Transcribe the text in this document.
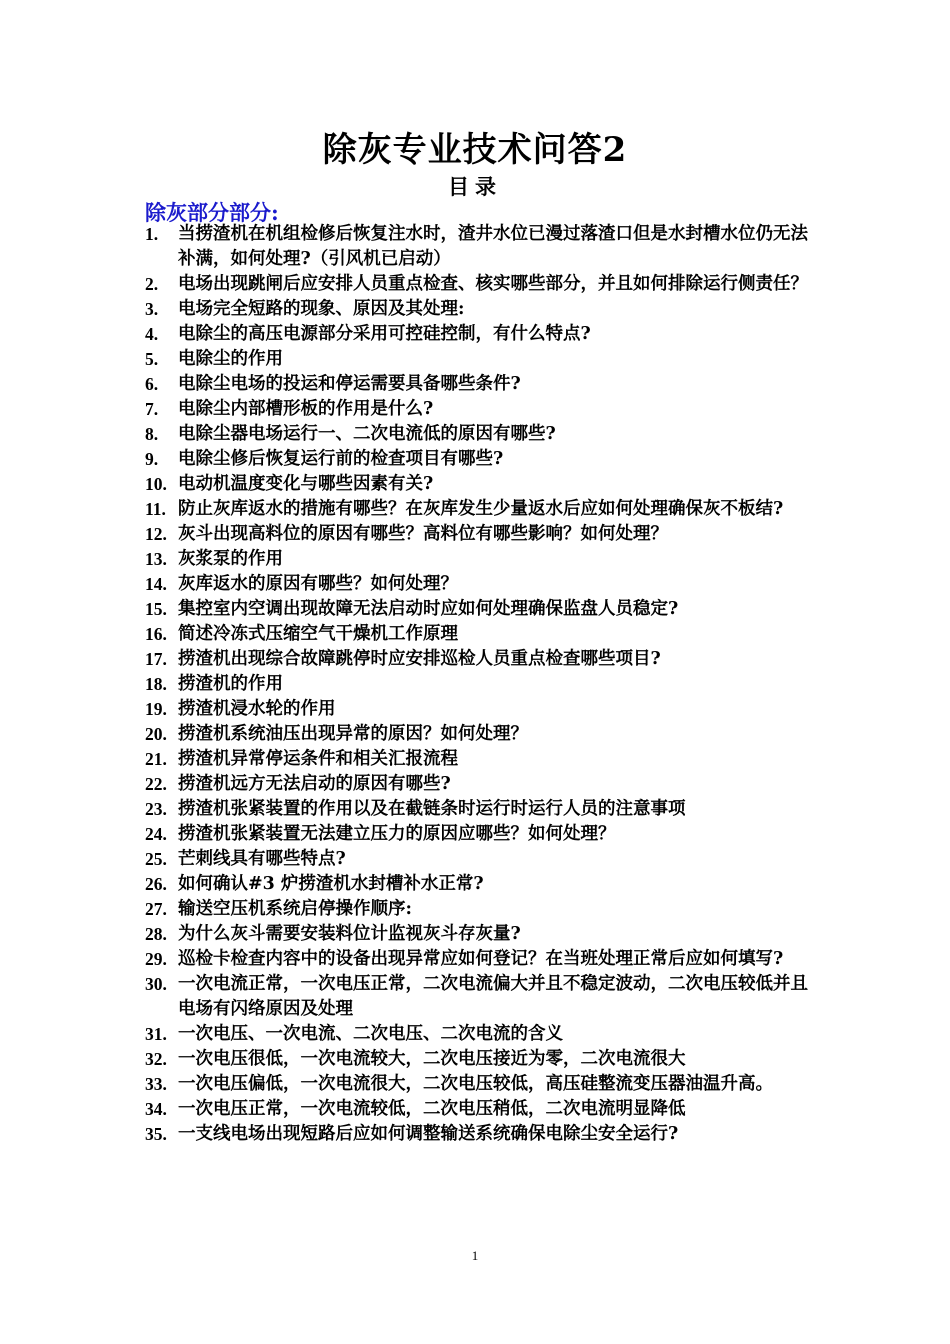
除灰专业技术问答2
目录
除灰部分部分:
1.	当捞渣机在机组检修后恢复注水时，渣井水位已漫过落渣口但是水封槽水位仍无法补满，如何处理?（引风机已启动）
2.	电场出现跳闸后应安排人员重点检查、核实哪些部分，并且如何排除运行侧责任？
3.	电场完全短路的现象、原因及其处理:
4.	电除尘的高压电源部分采用可控硅控制，有什么特点?
5.	电除尘的作用
6.	电除尘电场的投运和停运需要具备哪些条件?
7.	电除尘内部槽形板的作用是什么?
8.	电除尘器电场运行一、二次电流低的原因有哪些?
9.	电除尘修后恢复运行前的检查项目有哪些?
10. 电动机温度变化与哪些因素有关?
11. 防止灰库返水的措施有哪些？在灰库发生少量返水后应如何处理确保灰不板结?
12. 灰斗出现高料位的原因有哪些？高料位有哪些影响？如何处理？
13. 灰浆泵的作用
14. 灰库返水的原因有哪些？如何处理？
15. 集控室内空调出现故障无法启动时应如何处理确保监盘人员稳定?
16. 简述冷冻式压缩空气干燥机工作原理
17. 捞渣机出现综合故障跳停时应安排巡检人员重点检查哪些项目?
18. 捞渣机的作用
19. 捞渣机浸水轮的作用
20. 捞渣机系统油压出现异常的原因？如何处理？
21. 捞渣机异常停运条件和相关汇报流程
22. 捞渣机远方无法启动的原因有哪些?
23. 捞渣机张紧装置的作用以及在截链条时运行时运行人员的注意事项
24. 捞渣机张紧装置无法建立压力的原因应哪些？如何处理？
25. 芒刺线具有哪些特点?
26. 如何确认#3 炉捞渣机水封槽补水正常?
27. 输送空压机系统启停操作顺序:
28. 为什么灰斗需要安装料位计监视灰斗存灰量?
29. 巡检卡检查内容中的设备出现异常应如何登记？在当班处理正常后应如何填写?
30. 一次电流正常，一次电压正常，二次电流偏大并且不稳定波动，二次电压较低并且电场有闪络原因及处理
31. 一次电压、一次电流、二次电压、二次电流的含义
32. 一次电压很低，一次电流较大，二次电压接近为零，二次电流很大
33. 一次电压偏低，一次电流很大，二次电压较低，高压硅整流变压器油温升高。
34. 一次电压正常，一次电流较低，二次电压稍低，二次电流明显降低
35. 一支线电场出现短路后应如何调整输送系统确保电除尘安全运行?
1
